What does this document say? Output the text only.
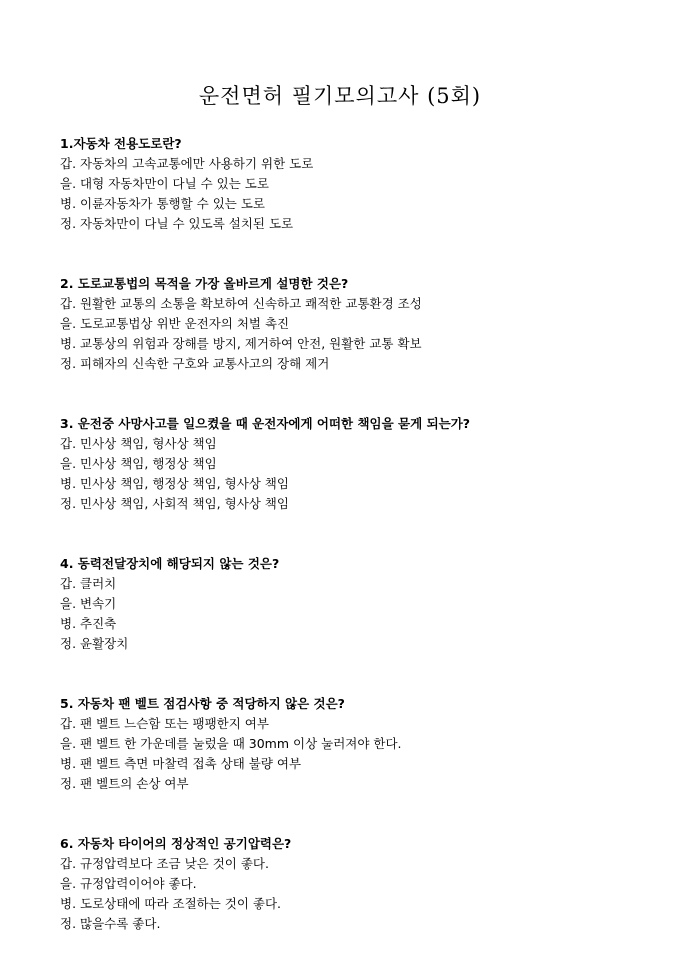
운전면허 필기모의고사 (5회)

1.자동차 전용도로란?

갑. 자동차의 고속교통에만 사용하기 위한 도로

을. 대형 자동차만이 다닐 수 있는 도로

병. 이륜자동차가 통행할 수 있는 도로

정. 자동차만이 다닐 수 있도록 설치된 도로

2. 도로교통법의 목적을 가장 올바르게 설명한 것은?

갑. 원활한 교통의 소통을 확보하여 신속하고 쾌적한 교통환경 조성

을. 도로교통법상 위반 운전자의 처벌 촉진

병. 교통상의 위험과 장해를 방지, 제거하여 안전, 원활한 교통 확보

정. 피해자의 신속한 구호와 교통사고의 장해 제거

3. 운전중 사망사고를 일으켰을 때 운전자에게 어떠한 책임을 묻게 되는가?

갑. 민사상 책임, 형사상 책임

을. 민사상 책임, 행정상 책임

병. 민사상 책임, 행정상 책임, 형사상 책임

정. 민사상 책임, 사회적 책임, 형사상 책임

4. 동력전달장치에 해당되지 않는 것은?

갑. 클러치

을. 변속기

병. 추진축

정. 윤활장치

5. 자동차 팬 벨트 점검사항 중 적당하지 않은 것은?

갑. 팬 벨트 느슨함 또는 팽팽한지 여부

을. 팬 벨트 한 가운데를 눌렀을 때 30mm 이상 눌러져야 한다.

병. 팬 벨트 측면 마찰력 접촉 상태 불량 여부

정. 팬 벨트의 손상 여부

6. 자동차 타이어의 정상적인 공기압력은?

갑. 규정압력보다 조금 낮은 것이 좋다.

을. 규정압력이어야 좋다.

병. 도로상태에 따라 조절하는 것이 좋다.

정. 많을수록 좋다.
